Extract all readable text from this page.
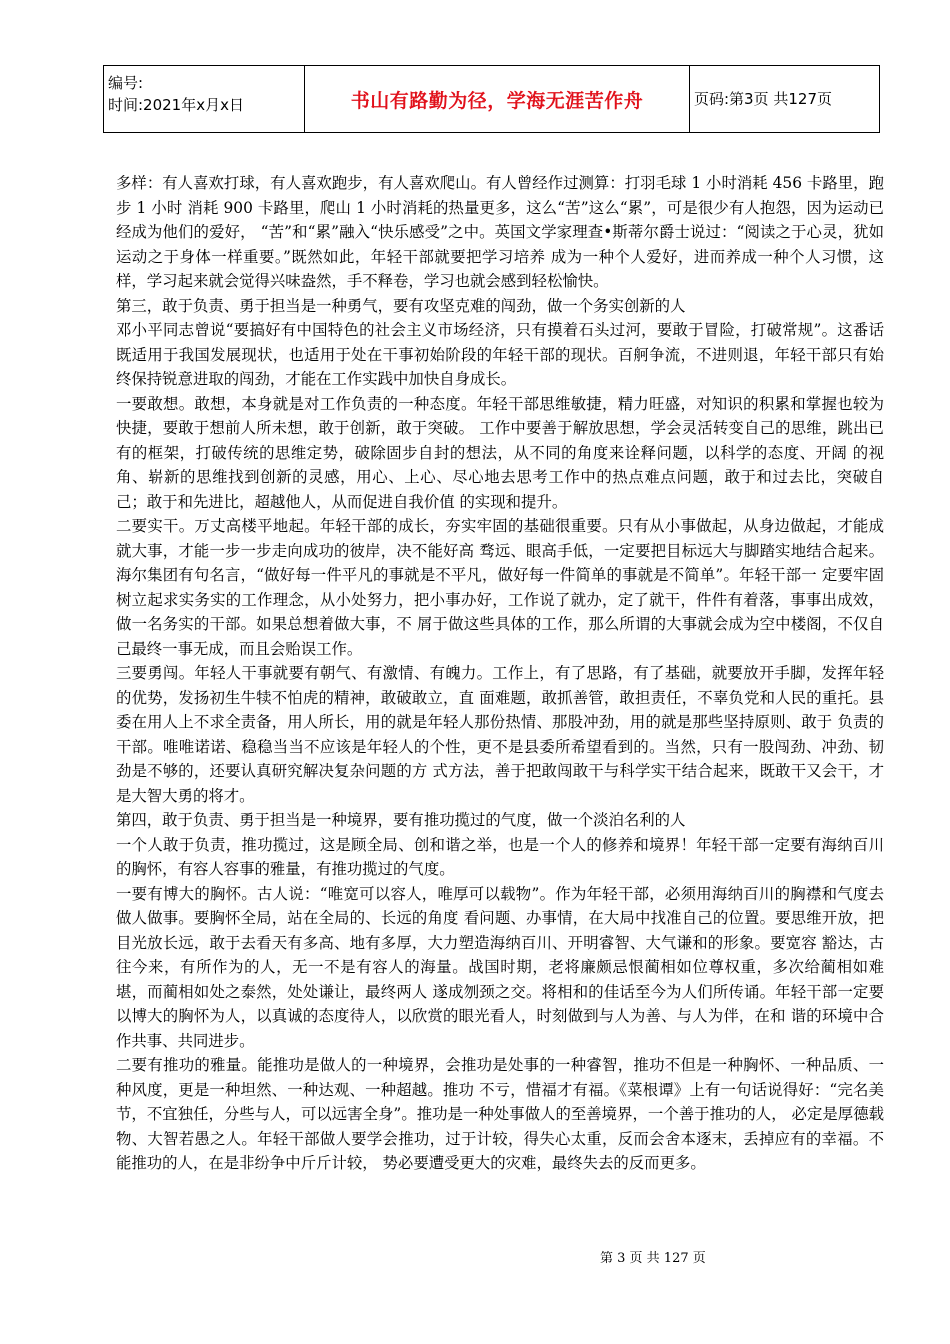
编号:
时间:2021年x月x日	书山有路勤为径，学海无涯苦作舟	页码:第3页 共127页

多样：有人喜欢打球，有人喜欢跑步，有人喜欢爬山。有人曾经作过测算：打羽毛球 1 小时消耗 456 卡路里，跑步 1 小时 消耗 900 卡路里，爬山 1 小时消耗的热量更多，这么“苦”这么“累”，可是很少有人抱怨，因为运动已经成为他们的爱好， “苦”和“累”融入“快乐感受”之中。英国文学家理查•斯蒂尔爵士说过：“阅读之于心灵，犹如运动之于身体一样重要。”既然如此，年轻干部就要把学习培养 成为一种个人爱好，进而养成一种个人习惯，这样，学习起来就会觉得兴味盎然，手不释卷，学习也就会感到轻松愉快。

第三，敢于负责、勇于担当是一种勇气，要有攻坚克难的闯劲，做一个务实创新的人

邓小平同志曾说“要搞好有中国特色的社会主义市场经济，只有摸着石头过河，要敢于冒险，打破常规”。这番话既适用于我国发展现状，也适用于处在干事初始阶段的年轻干部的现状。百舸争流，不进则退，年轻干部只有始终保持锐意进取的闯劲，才能在工作实践中加快自身成长。

一要敢想。敢想，本身就是对工作负责的一种态度。年轻干部思维敏捷，精力旺盛，对知识的积累和掌握也较为快捷，要敢于想前人所未想，敢于创新，敢于突破。 工作中要善于解放思想，学会灵活转变自己的思维，跳出已有的框架，打破传统的思维定势，破除固步自封的想法，从不同的角度来诠释问题，以科学的态度、开阔 的视角、崭新的思维找到创新的灵感，用心、上心、尽心地去思考工作中的热点难点问题，敢于和过去比，突破自己；敢于和先进比，超越他人，从而促进自我价值 的实现和提升。

二要实干。万丈高楼平地起。年轻干部的成长，夯实牢固的基础很重要。只有从小事做起，从身边做起，才能成就大事，才能一步一步走向成功的彼岸，决不能好高 骛远、眼高手低，一定要把目标远大与脚踏实地结合起来。海尔集团有句名言，“做好每一件平凡的事就是不平凡，做好每一件简单的事就是不简单”。年轻干部一 定要牢固树立起求实务实的工作理念，从小处努力，把小事办好，工作说了就办，定了就干，件件有着落，事事出成效，做一名务实的干部。如果总想着做大事，不 屑于做这些具体的工作，那么所谓的大事就会成为空中楼阁，不仅自己最终一事无成，而且会贻误工作。

三要勇闯。年轻人干事就要有朝气、有激情、有魄力。工作上，有了思路，有了基础，就要放开手脚，发挥年轻的优势，发扬初生牛犊不怕虎的精神，敢破敢立，直 面难题，敢抓善管，敢担责任，不辜负党和人民的重托。县委在用人上不求全责备，用人所长，用的就是年轻人那份热情、那股冲劲，用的就是那些坚持原则、敢于 负责的干部。唯唯诺诺、稳稳当当不应该是年轻人的个性，更不是县委所希望看到的。当然，只有一股闯劲、冲劲、韧劲是不够的，还要认真研究解决复杂问题的方 式方法，善于把敢闯敢干与科学实干结合起来，既敢干又会干，才是大智大勇的将才。

第四，敢于负责、勇于担当是一种境界，要有推功揽过的气度，做一个淡泊名利的人

一个人敢于负责，推功揽过，这是顾全局、创和谐之举，也是一个人的修养和境界！年轻干部一定要有海纳百川的胸怀，有容人容事的雅量，有推功揽过的气度。

一要有博大的胸怀。古人说：“唯宽可以容人，唯厚可以载物”。作为年轻干部，必须用海纳百川的胸襟和气度去做人做事。要胸怀全局，站在全局的、长远的角度 看问题、办事情，在大局中找准自己的位置。要思维开放，把目光放长远，敢于去看天有多高、地有多厚，大力塑造海纳百川、开明睿智、大气谦和的形象。要宽容 豁达，古往今来，有所作为的人，无一不是有容人的海量。战国时期，老将廉颇忌恨蔺相如位尊权重，多次给蔺相如难堪，而蔺相如处之泰然，处处谦让，最终两人 遂成刎颈之交。将相和的佳话至今为人们所传诵。年轻干部一定要以博大的胸怀为人，以真诚的态度待人，以欣赏的眼光看人，时刻做到与人为善、与人为伴，在和 谐的环境中合作共事、共同进步。

二要有推功的雅量。能推功是做人的一种境界，会推功是处事的一种睿智，推功不但是一种胸怀、一种品质、一种风度，更是一种坦然、一种达观、一种超越。推功 不亏，惜福才有福。《菜根谭》上有一句话说得好：“完名美节，不宜独任，分些与人，可以远害全身”。推功是一种处事做人的至善境界，一个善于推功的人， 必定是厚德载物、大智若愚之人。年轻干部做人要学会推功，过于计较，得失心太重，反而会舍本逐末，丢掉应有的幸福。不能推功的人，在是非纷争中斤斤计较， 势必要遭受更大的灾难，最终失去的反而更多。

第 3 页 共 127 页
